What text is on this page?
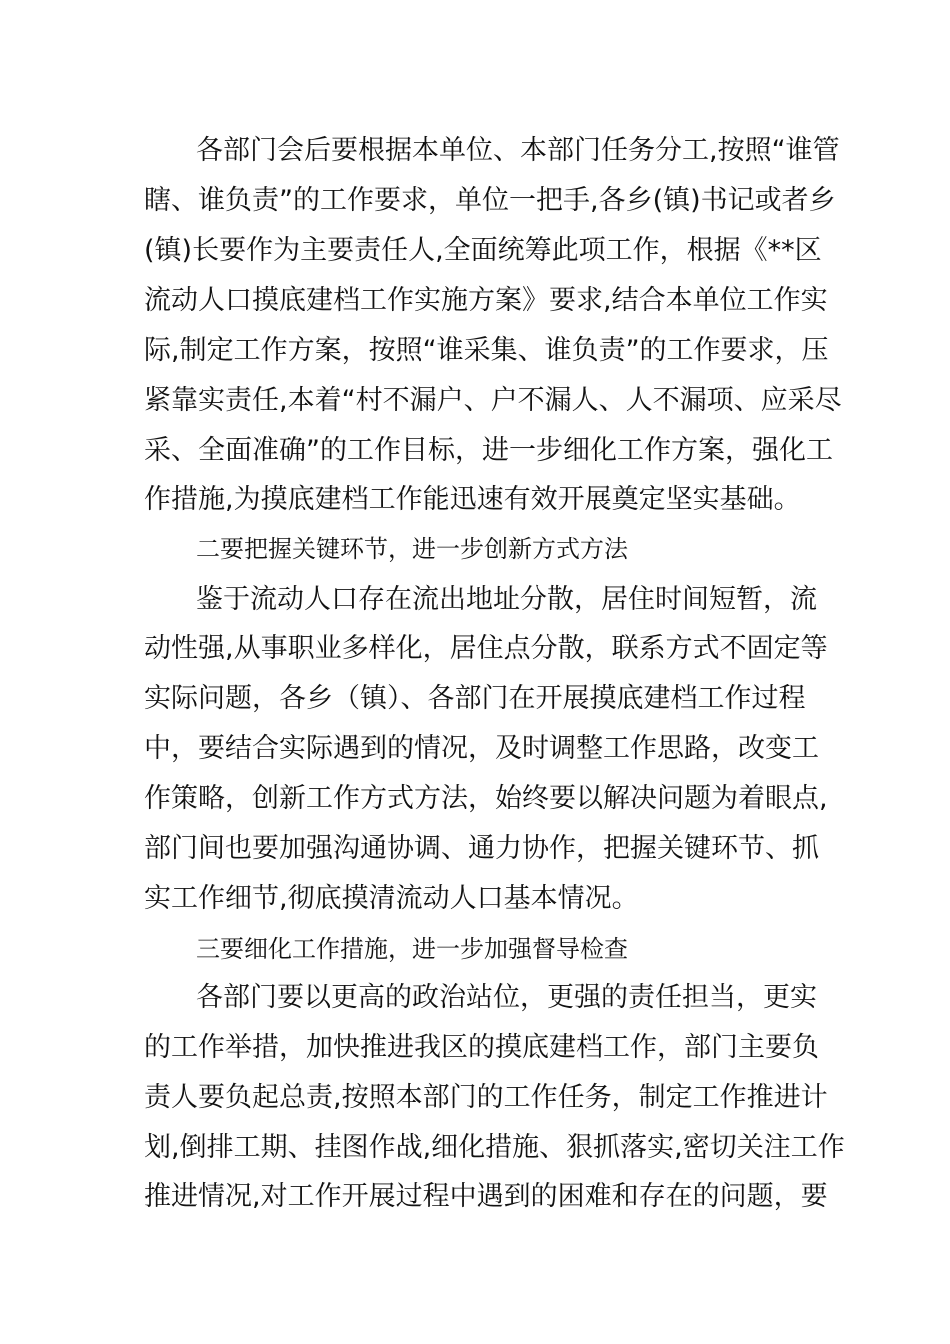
各部门会后要根据本单位、本部门任务分工,按照“谁管
瞎、谁负责”的工作要求，单位一把手,各乡(镇)书记或者乡
(镇)长要作为主要责任人,全面统筹此项工作，根据《**区
流动人口摸底建档工作实施方案》要求,结合本单位工作实
际,制定工作方案，按照“谁采集、谁负责”的工作要求，压
紧靠实责任,本着“村不漏户、户不漏人、人不漏项、应采尽
采、全面准确”的工作目标，进一步细化工作方案，强化工
作措施,为摸底建档工作能迅速有效开展奠定坚实基础。
二要把握关键环节，进一步创新方式方法
鉴于流动人口存在流出地址分散，居住时间短暂，流
动性强,从事职业多样化，居住点分散，联系方式不固定等
实际问题，各乡（镇）、各部门在开展摸底建档工作过程
中，要结合实际遇到的情况，及时调整工作思路，改变工
作策略，创新工作方式方法，始终要以解决问题为着眼点,
部门间也要加强沟通协调、通力协作，把握关键环节、抓
实工作细节,彻底摸清流动人口基本情况。
三要细化工作措施，进一步加强督导检查
各部门要以更高的政治站位，更强的责任担当，更实
的工作举措，加快推进我区的摸底建档工作，部门主要负
责人要负起总责,按照本部门的工作任务，制定工作推进计
划,倒排工期、挂图作战,细化措施、狠抓落实,密切关注工作
推进情况,对工作开展过程中遇到的困难和存在的问题，要
